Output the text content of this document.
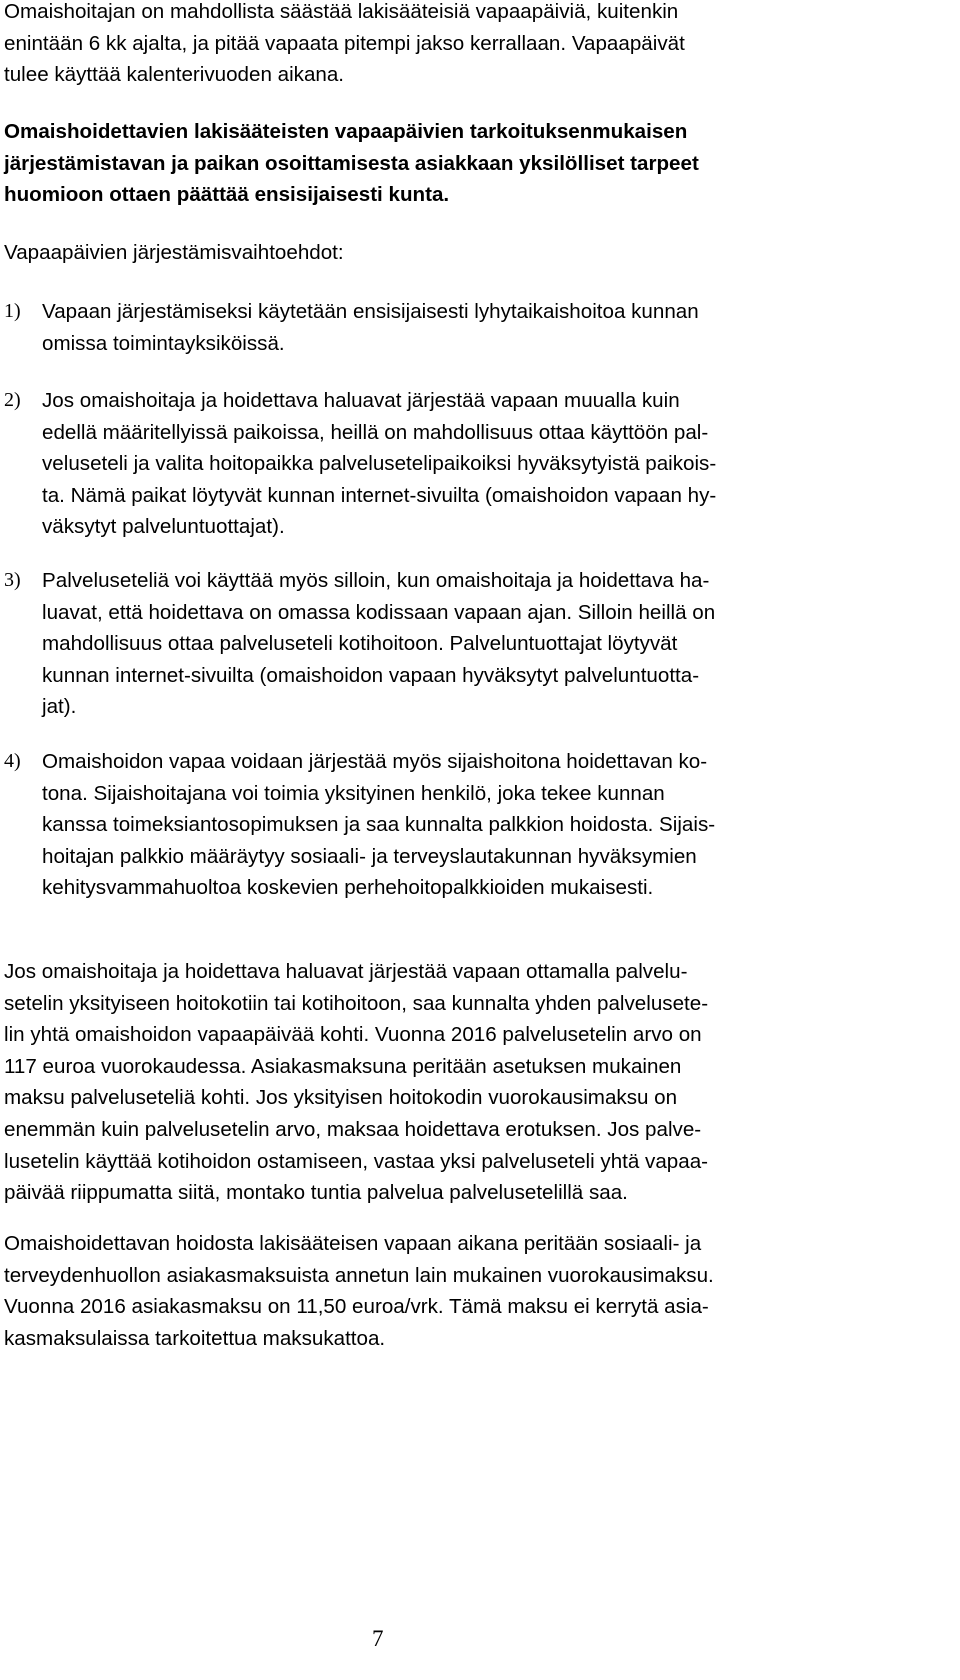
Omaishoitajan on mahdollista säästää lakisääteisiä vapaapäiviä, kuitenkin
enintään 6 kk ajalta, ja pitää vapaata pitempi jakso kerrallaan. Vapaapäivät
tulee käyttää kalenterivuoden aikana.

Omaishoidettavien lakisääteisten vapaapäivien tarkoituksenmukaisen
järjestämistavan ja paikan osoittamisesta asiakkaan yksilölliset tarpeet
huomioon ottaen päättää ensisijaisesti kunta.

Vapaapäivien järjestämisvaihtoehdot:

1) Vapaan järjestämiseksi käytetään ensisijaisesti lyhytaikaishoitoa kunnan
omissa toimintayksiköissä.

2) Jos omaishoitaja ja hoidettava haluavat järjestää vapaan muualla kuin
edellä määritellyissä paikoissa, heillä on mahdollisuus ottaa käyttöön pal-
veluseteli ja valita hoitopaikka palvelusetelipaikoiksi hyväksytyistä paikois-
ta. Nämä paikat löytyvät kunnan internet-sivuilta (omaishoidon vapaan hy-
väksytyt palveluntuottajat).

3) Palveluseteliä voi käyttää myös silloin, kun omaishoitaja ja hoidettava ha-
luavat, että hoidettava on omassa kodissaan vapaan ajan. Silloin heillä on
mahdollisuus ottaa palveluseteli kotihoitoon. Palveluntuottajat löytyvät
kunnan internet-sivuilta (omaishoidon vapaan hyväksytyt palveluntuotta-
jat).

4) Omaishoidon vapaa voidaan järjestää myös sijaishoitona hoidettavan ko-
tona. Sijaishoitajana voi toimia yksityinen henkilö, joka tekee kunnan
kanssa toimeksiantosopimuksen ja saa kunnalta palkkion hoidosta. Sijais-
hoitajan palkkio määräytyy sosiaali- ja terveyslautakunnan hyväksymien
kehitysvammahuoltoa koskevien perhehoitopalkkioiden mukaisesti.

Jos omaishoitaja ja hoidettava haluavat järjestää vapaan ottamalla palvelu-
setelin yksityiseen hoitokotiin tai kotihoitoon, saa kunnalta yhden palvelusete-
lin yhtä omaishoidon vapaapäivää kohti. Vuonna 2016 palvelusetelin arvo on
117 euroa vuorokaudessa. Asiakasmaksuna peritään asetuksen mukainen
maksu palveluseteliä kohti. Jos yksityisen hoitokodin vuorokausimaksu on
enemmän kuin palvelusetelin arvo, maksaa hoidettava erotuksen. Jos palve-
lusetelin käyttää kotihoidon ostamiseen, vastaa yksi palveluseteli yhtä vapaa-
päivää riippumatta siitä, montako tuntia palvelua palvelusetelillä saa.

Omaishoidettavan hoidosta lakisääteisen vapaan aikana peritään sosiaali- ja
terveydenhuollon asiakasmaksuista annetun lain mukainen vuorokausimaksu.
Vuonna 2016 asiakasmaksu on 11,50 euroa/vrk. Tämä maksu ei kerrytä asia-
kasmaksulaissa tarkoitettua maksukattoa.

7
